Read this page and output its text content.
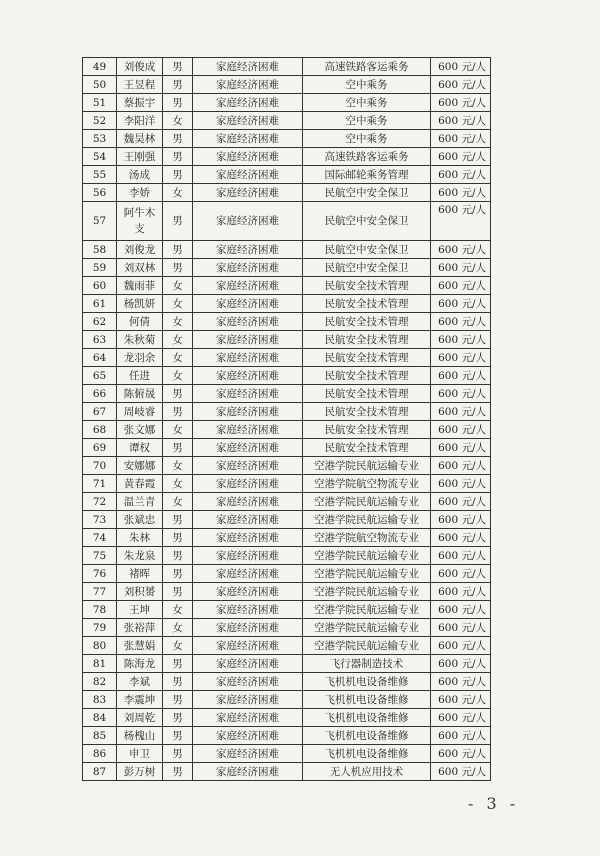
49	刘俊成	男	家庭经济困难	高速铁路客运乘务	600 元/人
50	王昱程	男	家庭经济困难	空中乘务	600 元/人
51	蔡振宇	男	家庭经济困难	空中乘务	600 元/人
52	李阳洋	女	家庭经济困难	空中乘务	600 元/人
53	魏昊林	男	家庭经济困难	空中乘务	600 元/人
54	王刚强	男	家庭经济困难	高速铁路客运乘务	600 元/人
55	汤成	男	家庭经济困难	国际邮轮乘务管理	600 元/人
56	李娇	女	家庭经济困难	民航空中安全保卫	600 元/人
57	阿牛木支	男	家庭经济困难	民航空中安全保卫	600 元/人
58	刘俊龙	男	家庭经济困难	民航空中安全保卫	600 元/人
59	刘双林	男	家庭经济困难	民航空中安全保卫	600 元/人
60	魏雨菲	女	家庭经济困难	民航安全技术管理	600 元/人
61	杨凯妍	女	家庭经济困难	民航安全技术管理	600 元/人
62	何倩	女	家庭经济困难	民航安全技术管理	600 元/人
63	朱秋菊	女	家庭经济困难	民航安全技术管理	600 元/人
64	龙羽余	女	家庭经济困难	民航安全技术管理	600 元/人
65	任进	女	家庭经济困难	民航安全技术管理	600 元/人
66	陈俯晟	男	家庭经济困难	民航安全技术管理	600 元/人
67	周岐睿	男	家庭经济困难	民航安全技术管理	600 元/人
68	张文娜	女	家庭经济困难	民航安全技术管理	600 元/人
69	谭权	男	家庭经济困难	民航安全技术管理	600 元/人
70	安娜娜	女	家庭经济困难	空港学院民航运输专业	600 元/人
71	黄春霞	女	家庭经济困难	空港学院航空物流专业	600 元/人
72	温兰青	女	家庭经济困难	空港学院民航运输专业	600 元/人
73	张斌忠	男	家庭经济困难	空港学院民航运输专业	600 元/人
74	朱林	男	家庭经济困难	空港学院航空物流专业	600 元/人
75	朱龙泉	男	家庭经济困难	空港学院民航运输专业	600 元/人
76	褚晖	男	家庭经济困难	空港学院民航运输专业	600 元/人
77	刘积赟	男	家庭经济困难	空港学院民航运输专业	600 元/人
78	王坤	女	家庭经济困难	空港学院民航运输专业	600 元/人
79	张裕萍	女	家庭经济困难	空港学院民航运输专业	600 元/人
80	张慧娟	女	家庭经济困难	空港学院民航运输专业	600 元/人
81	陈海龙	男	家庭经济困难	飞行器制造技术	600 元/人
82	李斌	男	家庭经济困难	飞机机电设备维修	600 元/人
83	李震坤	男	家庭经济困难	飞机机电设备维修	600 元/人
84	刘周乾	男	家庭经济困难	飞机机电设备维修	600 元/人
85	杨槐山	男	家庭经济困难	飞机机电设备维修	600 元/人
86	申卫	男	家庭经济困难	飞机机电设备维修	600 元/人
87	彭万树	男	家庭经济困难	无人机应用技术	600 元/人
- 3 -
